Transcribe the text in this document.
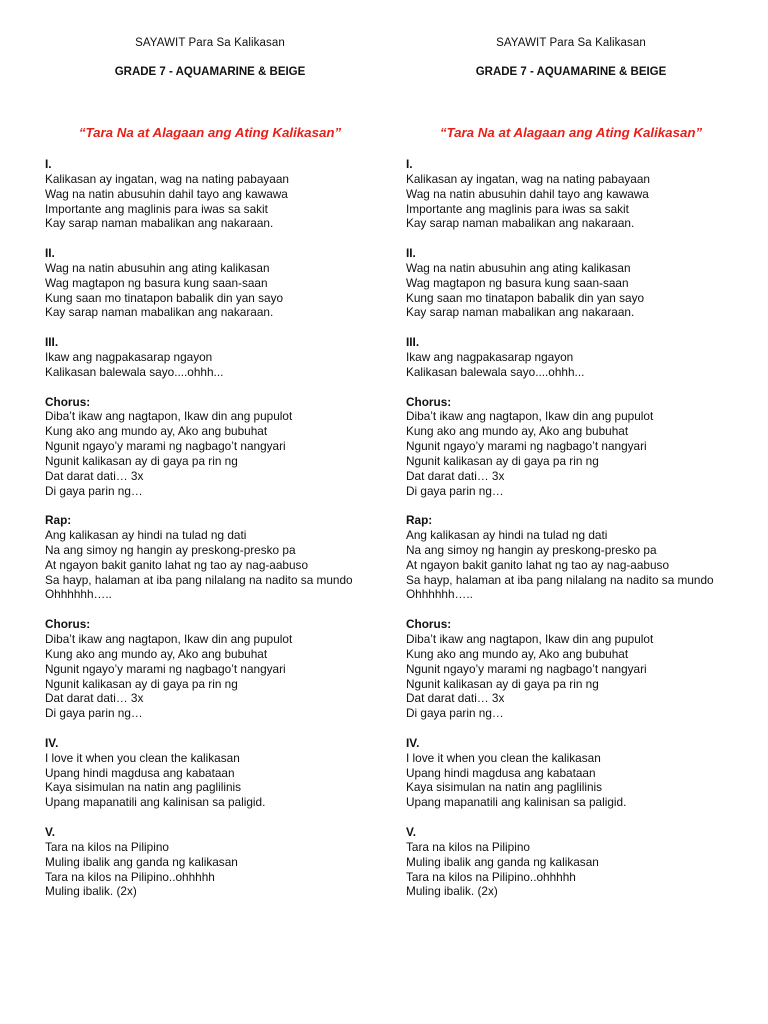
SAYAWIT Para Sa Kalikasan
GRADE 7 - AQUAMARINE & BEIGE
“Tara Na at Alagaan ang Ating Kalikasan”
I.
Kalikasan ay ingatan, wag na nating pabayaan
Wag na natin abusuhin dahil tayo ang kawawa
Importante ang maglinis para iwas sa sakit
Kay sarap naman mabalikan ang nakaraan.
II.
Wag na natin abusuhin ang ating kalikasan
Wag magtapon ng basura kung saan-saan
Kung saan mo tinatapon babalik din yan sayo
Kay sarap naman mabalikan ang nakaraan.
III.
Ikaw ang nagpakasarap ngayon
Kalikasan balewala sayo....ohhh...
Chorus:
Diba’t ikaw ang nagtapon, Ikaw din ang pupulot
Kung ako ang mundo ay, Ako ang bubuhat
Ngunit ngayo’y marami ng nagbago’t nangyari
Ngunit kalikasan ay di gaya pa rin ng
Dat darat dati… 3x
Di gaya parin ng…
Rap:
Ang kalikasan ay hindi na tulad ng dati
Na ang simoy ng hangin ay preskong-presko pa
At ngayon bakit ganito lahat ng tao ay nag-aabuso
Sa hayp, halaman at iba pang nilalang na nadito sa mundo
Ohhhhhh…..
Chorus:
Diba’t ikaw ang nagtapon, Ikaw din ang pupulot
Kung ako ang mundo ay, Ako ang bubuhat
Ngunit ngayo’y marami ng nagbago’t nangyari
Ngunit kalikasan ay di gaya pa rin ng
Dat darat dati… 3x
Di gaya parin ng…
IV.
I love it when you clean the kalikasan
Upang hindi magdusa ang kabataan
Kaya sisimulan na natin ang paglilinis
Upang mapanatili ang kalinisan sa paligid.
V.
Tara na kilos na Pilipino
Muling ibalik ang ganda ng kalikasan
Tara na kilos na Pilipino..ohhhhh
Muling ibalik. (2x)
SAYAWIT Para Sa Kalikasan
GRADE 7 - AQUAMARINE & BEIGE
“Tara Na at Alagaan ang Ating Kalikasan”
I.
Kalikasan ay ingatan, wag na nating pabayaan
Wag na natin abusuhin dahil tayo ang kawawa
Importante ang maglinis para iwas sa sakit
Kay sarap naman mabalikan ang nakaraan.
II.
Wag na natin abusuhin ang ating kalikasan
Wag magtapon ng basura kung saan-saan
Kung saan mo tinatapon babalik din yan sayo
Kay sarap naman mabalikan ang nakaraan.
III.
Ikaw ang nagpakasarap ngayon
Kalikasan balewala sayo....ohhh...
Chorus:
Diba’t ikaw ang nagtapon, Ikaw din ang pupulot
Kung ako ang mundo ay, Ako ang bubuhat
Ngunit ngayo’y marami ng nagbago’t nangyari
Ngunit kalikasan ay di gaya pa rin ng
Dat darat dati… 3x
Di gaya parin ng…
Rap:
Ang kalikasan ay hindi na tulad ng dati
Na ang simoy ng hangin ay preskong-presko pa
At ngayon bakit ganito lahat ng tao ay nag-aabuso
Sa hayp, halaman at iba pang nilalang na nadito sa mundo
Ohhhhhh…..
Chorus:
Diba’t ikaw ang nagtapon, Ikaw din ang pupulot
Kung ako ang mundo ay, Ako ang bubuhat
Ngunit ngayo’y marami ng nagbago’t nangyari
Ngunit kalikasan ay di gaya pa rin ng
Dat darat dati… 3x
Di gaya parin ng…
IV.
I love it when you clean the kalikasan
Upang hindi magdusa ang kabataan
Kaya sisimulan na natin ang paglilinis
Upang mapanatili ang kalinisan sa paligid.
V.
Tara na kilos na Pilipino
Muling ibalik ang ganda ng kalikasan
Tara na kilos na Pilipino..ohhhhh
Muling ibalik. (2x)
